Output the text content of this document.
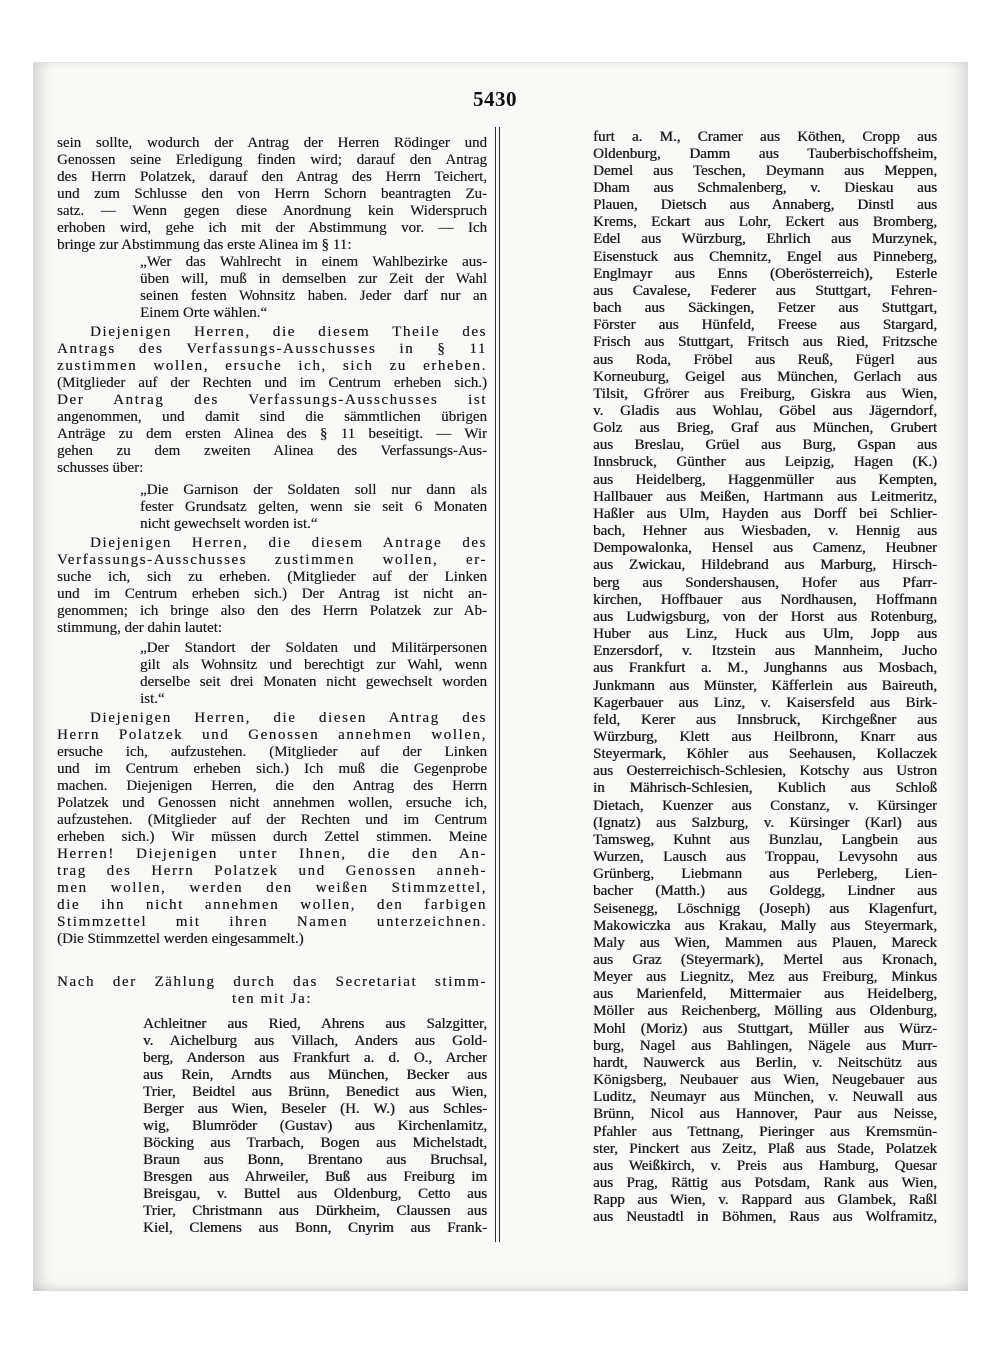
5430
sein sollte, wodurch der Antrag der Herren Rödinger und
Genossen seine Erledigung finden wird; darauf den Antrag
des Herrn Polatzek, darauf den Antrag des Herrn Teichert,
und zum Schlusse den von Herrn Schorn beantragten Zu-
satz. — Wenn gegen diese Anordnung kein Widerspruch
erhoben wird, gehe ich mit der Abstimmung vor. — Ich
bringe zur Abstimmung das erste Alinea im § 11:
„Wer das Wahlrecht in einem Wahlbezirke aus-
üben will, muß in demselben zur Zeit der Wahl
seinen festen Wohnsitz haben. Jeder darf nur an
Einem Orte wählen.“
Diejenigen Herren, die diesem Theile des
Antrags des Verfassungs-Ausschusses in § 11
zustimmen wollen, ersuche ich, sich zu erheben.
(Mitglieder auf der Rechten und im Centrum erheben sich.)
Der Antrag des Verfassungs-Ausschusses ist
angenommen, und damit sind die sämmtlichen übrigen
Anträge zu dem ersten Alinea des § 11 beseitigt. — Wir
gehen zu dem zweiten Alinea des Verfassungs-Aus-
schusses über:
„Die Garnison der Soldaten soll nur dann als
fester Grundsatz gelten, wenn sie seit 6 Monaten
nicht gewechselt worden ist.“
Diejenigen Herren, die diesem Antrage des
Verfassungs-Ausschusses zustimmen wollen, er-
suche ich, sich zu erheben. (Mitglieder auf der Linken
und im Centrum erheben sich.) Der Antrag ist nicht an-
genommen; ich bringe also den des Herrn Polatzek zur Ab-
stimmung, der dahin lautet:
„Der Standort der Soldaten und Militärpersonen
gilt als Wohnsitz und berechtigt zur Wahl, wenn
derselbe seit drei Monaten nicht gewechselt worden
ist.“
Diejenigen Herren, die diesen Antrag des
Herrn Polatzek und Genossen annehmen wollen,
ersuche ich, aufzustehen. (Mitglieder auf der Linken
und im Centrum erheben sich.) Ich muß die Gegenprobe
machen. Diejenigen Herren, die den Antrag des Herrn
Polatzek und Genossen nicht annehmen wollen, ersuche ich,
aufzustehen. (Mitglieder auf der Rechten und im Centrum
erheben sich.) Wir müssen durch Zettel stimmen. Meine
Herren! Diejenigen unter Ihnen, die den An-
trag des Herrn Polatzek und Genossen anneh-
men wollen, werden den weißen Stimmzettel,
die ihn nicht annehmen wollen, den farbigen
Stimmzettel mit ihren Namen unterzeichnen.
(Die Stimmzettel werden eingesammelt.)
Nach der Zählung durch das Secretariat stimm-
ten mit Ja:
Achleitner aus Ried, Ahrens aus Salzgitter,
v. Aichelburg aus Villach, Anders aus Gold-
berg, Anderson aus Frankfurt a. d. O., Archer
aus Rein, Arndts aus München, Becker aus
Trier, Beidtel aus Brünn, Benedict aus Wien,
Berger aus Wien, Beseler (H. W.) aus Schles-
wig, Blumröder (Gustav) aus Kirchenlamitz,
Böcking aus Trarbach, Bogen aus Michelstadt,
Braun aus Bonn, Brentano aus Bruchsal,
Bresgen aus Ahrweiler, Buß aus Freiburg im
Breisgau, v. Buttel aus Oldenburg, Cetto aus
Trier, Christmann aus Dürkheim, Claussen aus
Kiel, Clemens aus Bonn, Cnyrim aus Frank-
furt a. M., Cramer aus Köthen, Cropp aus
Oldenburg, Damm aus Tauberbischoffsheim,
Demel aus Teschen, Deymann aus Meppen,
Dham aus Schmalenberg, v. Dieskau aus
Plauen, Dietsch aus Annaberg, Dinstl aus
Krems, Eckart aus Lohr, Eckert aus Bromberg,
Edel aus Würzburg, Ehrlich aus Murzynek,
Eisenstuck aus Chemnitz, Engel aus Pinneberg,
Englmayr aus Enns (Oberösterreich), Esterle
aus Cavalese, Federer aus Stuttgart, Fehren-
bach aus Säckingen, Fetzer aus Stuttgart,
Förster aus Hünfeld, Freese aus Stargard,
Frisch aus Stuttgart, Fritsch aus Ried, Fritzsche
aus Roda, Fröbel aus Reuß, Fügerl aus
Korneuburg, Geigel aus München, Gerlach aus
Tilsit, Gfrörer aus Freiburg, Giskra aus Wien,
v. Gladis aus Wohlau, Göbel aus Jägerndorf,
Golz aus Brieg, Graf aus München, Grubert
aus Breslau, Grüel aus Burg, Gspan aus
Innsbruck, Günther aus Leipzig, Hagen (K.)
aus Heidelberg, Haggenmüller aus Kempten,
Hallbauer aus Meißen, Hartmann aus Leitmeritz,
Haßler aus Ulm, Hayden aus Dorff bei Schlier-
bach, Hehner aus Wiesbaden, v. Hennig aus
Dempowalonka, Hensel aus Camenz, Heubner
aus Zwickau, Hildebrand aus Marburg, Hirsch-
berg aus Sondershausen, Hofer aus Pfarr-
kirchen, Hoffbauer aus Nordhausen, Hoffmann
aus Ludwigsburg, von der Horst aus Rotenburg,
Huber aus Linz, Huck aus Ulm, Jopp aus
Enzersdorf, v. Itzstein aus Mannheim, Jucho
aus Frankfurt a. M., Junghanns aus Mosbach,
Junkmann aus Münster, Käfferlein aus Baireuth,
Kagerbauer aus Linz, v. Kaisersfeld aus Birk-
feld, Kerer aus Innsbruck, Kirchgeßner aus
Würzburg, Klett aus Heilbronn, Knarr aus
Steyermark, Köhler aus Seehausen, Kollaczek
aus Oesterreichisch-Schlesien, Kotschy aus Ustron
in Mährisch-Schlesien, Kublich aus Schloß
Dietach, Kuenzer aus Constanz, v. Kürsinger
(Ignatz) aus Salzburg, v. Kürsinger (Karl) aus
Tamsweg, Kuhnt aus Bunzlau, Langbein aus
Wurzen, Lausch aus Troppau, Levysohn aus
Grünberg, Liebmann aus Perleberg, Lien-
bacher (Matth.) aus Goldegg, Lindner aus
Seisenegg, Löschnigg (Joseph) aus Klagenfurt,
Makowiczka aus Krakau, Mally aus Steyermark,
Maly aus Wien, Mammen aus Plauen, Mareck
aus Graz (Steyermark), Mertel aus Kronach,
Meyer aus Liegnitz, Mez aus Freiburg, Minkus
aus Marienfeld, Mittermaier aus Heidelberg,
Möller aus Reichenberg, Mölling aus Oldenburg,
Mohl (Moriz) aus Stuttgart, Müller aus Würz-
burg, Nagel aus Bahlingen, Nägele aus Murr-
hardt, Nauwerck aus Berlin, v. Neitschütz aus
Königsberg, Neubauer aus Wien, Neugebauer aus
Luditz, Neumayr aus München, v. Neuwall aus
Brünn, Nicol aus Hannover, Paur aus Neisse,
Pfahler aus Tettnang, Pieringer aus Kremsmün-
ster, Pinckert aus Zeitz, Plaß aus Stade, Polatzek
aus Weißkirch, v. Preis aus Hamburg, Quesar
aus Prag, Rättig aus Potsdam, Rank aus Wien,
Rapp aus Wien, v. Rappard aus Glambek, Raßl
aus Neustadtl in Böhmen, Raus aus Wolframitz,
